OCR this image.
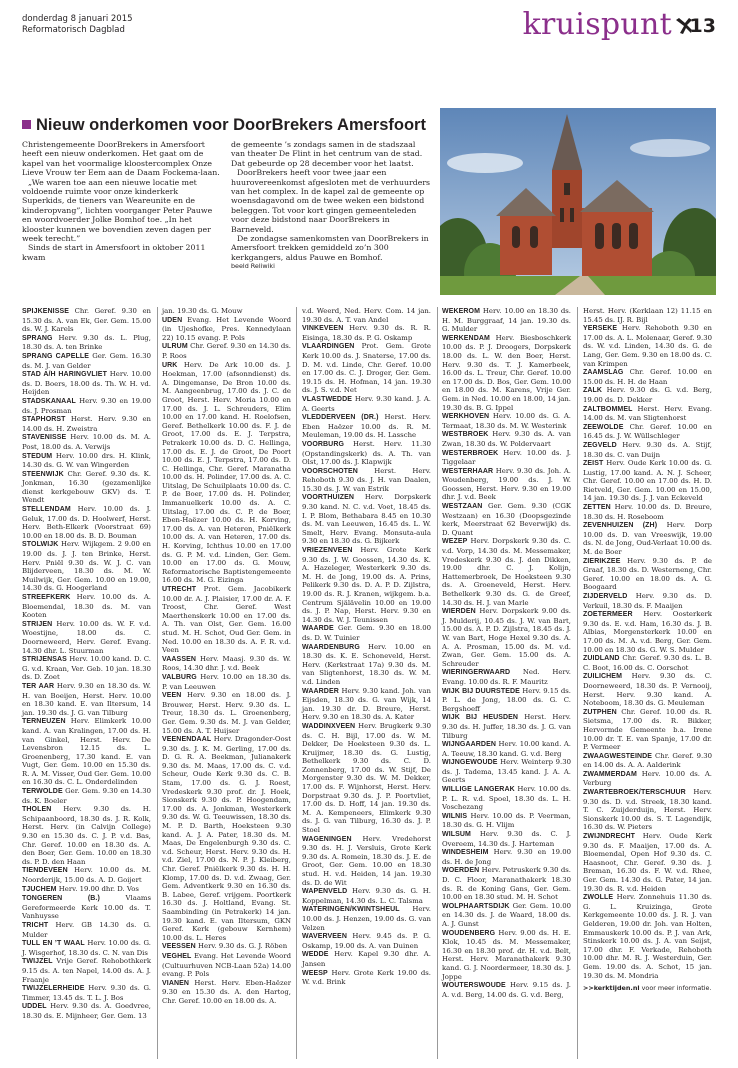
donderdag 8 januari 2015
Reformatorisch Dagblad	kruispunt 13
Nieuw onderkomen voor DoorBrekers Amersfoort

Christengemeente DoorBrekers in Amersfoort heeft een nieuw onderkomen. Het gaat om de kapel van het voormalige kloostercomplex Onze Lieve Vrouw ter Eem aan de Daam Fockema-laan.

„We waren toe aan een nieuwe locatie met voldoende ruimte voor onze kinderkerk Superkids, de tieners van Weareunite en de kinderopvang”, lichten voorganger Peter Pauwe en woordvoerder Jolke Bomhof toe. „In het klooster kunnen we bovendien zeven dagen per week terecht.”

Sinds de start in Amersfoort in oktober 2011 kwam

de gemeente ’s zondags samen in de stadszaal van theater De Flint in het centrum van de stad. Dat gebeurde op 28 december voor het laatst.

DoorBrekers heeft voor twee jaar een huurovereenkomst afgesloten met de verhuurders van het complex. In de kapel zal de gemeente op woensdagavond om de twee weken een bidstond beleggen. Tot voor kort gingen gemeenteleden voor deze bidstond naar DoorBrekers in Barneveld.

De zondagse samenkomsten van DoorBrekers in Amersfoort trekken gemiddeld zo’n 300 kerkgangers, aldus Pauwe en Bomhof.

beeld Reliwiki
SPIJKENISSE Chr. Geref. 9.30 en 15.30 ds. A. van Ek, Ger. Gem. 15.00 ds. W. J. Karels
SPRANG Herv. 9.30 ds. L. Plug, 18.30 ds. A. ten Brinke
SPRANG CAPELLE Ger. Gem. 16.30 ds. M. J. van Gelder
STAD A/H HARINGVLIET Herv. 10.00 ds. D. Boers, 18.00 ds. Th. W. H. vd. Heijden
STADSKANAAL Herv. 9.30 en 19.00 ds. J. Prosman
STAPHORST Herst. Herv. 9.30 en 14.00 ds. H. Zweistra
STAVENISSE Herv. 10.00 ds. M. A. Post, 18.00 ds. A. Verwijs
STEDUM Herv. 10.00 drs. H. Klink, 14.30 ds. G. W. van Wingerden
STEENWIJK Chr. Geref. 9.30 ds. K. Jonkman, 16.30 (gezamenlijke dienst kerkgebouw GKV) ds. T. Wendt
STELLENDAM Herv. 10.00 ds. J. Geluk, 17.00 ds. D. Hoolwerf, Herst. Herv. Beth-Elkerk (Voorstraat 69) 10.00 en 18.00 ds. B. D. Bouman
STOLWIJK Herv. Wijkgem. 2 9.00 en 19.00 ds. J. J. ten Brinke, Herst. Herv. Pniël 9.30 ds. W. J. C. van Blijderveen, 18.30 ds. M. W. Muilwijk, Ger. Gem. 10.00 en 19.00, 14.30 ds. G. Hoogerland
STREEFKERK Herv. 10.00 ds. A. Bloemendal, 18.30 ds. M. van Kooten
STRIJEN Herv. 10.00 ds. W. F. v.d. Woestijne, 18.00 ds. C. Doorneweerd, Herv. Geref. Evang. 14.30 dhr. L. Stuurman
STRIJENSAS Herv. 10.00 kand. D. C. G. v.d. Kraan, Ver. Geb. 10 jan. 18.30 ds. D. Zoet
TER AAR Herv. 9.30 en 18.30 ds. W. H. van Boeijen, Herst. Herv. 10.00 en 18.30 kand. E. van Iltersum, 14 jan. 19.30 ds. J. G. van Tilburg
TERNEUZEN Herv. Elimkerk 10.00 kand. A. van Kralingen, 17.00 ds. H. van Ginkel, Herst. Herv. De Levensbron 12.15 ds. L. Groenenberg, 17.30 kand. E. van Vugt, Ger. Gem. 10.00 en 15.30 ds. R. A. M. Visser, Oud Ger. Gem. 10.00 en 16.30 ds. C. L. Onderdelinden
TERWOLDE Ger. Gem. 9.30 en 14.30 ds. K. Boeler
THOLEN Herv. 9.30 ds. H. Schipaanboord, 18.30 ds. J. R. Kolk, Herst. Herv. (in Calvijn College) 9.30 en 15.30 ds. C. J. P. v.d. Bas, Chr. Geref. 10.00 en 18.30 ds. A. den Boer, Ger. Gem. 10.00 en 18.30 ds. P. D. den Haan
TIENDEVEEN Herv. 10.00 ds. M. Noorderijk, 15.00 ds. A. D. Goijert
TJUCHEM Herv. 19.00 dhr. D. Vos
TONGEREN (B.)	Vlaams Gereformeerde Kerk 10.00 ds. T. Vanhuysse
TRICHT Herv. GB 14.30 ds. G. Mulder
TULL EN ’T WAAL Herv. 10.00 ds. G. J. Wisgerhof, 18.30 ds. C. N. van Dis
TWIJZEL Vrije Geref. Rehobothkerk 9.15 ds. A. ten Napel, 14.00 ds. A. J. Fraanje
TWIJZELERHEIDE Herv. 9.30 ds. G. Timmer, 13.45 ds. T. L. J. Bos
UDDEL Herv. 9.30 ds. A. Goedvree, 18.30 ds. E. Mijnheer, Ger. Gem. 13
jan. 19.30 ds. G. Mouw
UDEN Evang. Het Levende Woord (in Ujeshofke, Pres. Kennedylaan 22) 10.15 evang. P. Pols
ULRUM Chr. Geref. 9.30 en 14.30 ds. P. Roos
URK Herv. De Ark 10.00 ds. J. Hoekman, 17.00 (afsonndienst) ds. A. Dingemanse, De Bron 10.00 ds. M. Aangeenbrug, 17.00 ds. J. C. de Groot, Herst. Herv. Moria 10.00 en 17.00 ds. J. L. Schreuders, Elim 10.00 en 17.00 kand. H. Roelofsen, Geref. Bethelkerk 10.00 ds. F. J. de Groot, 17.00 ds. E. J. Terpstra, Petrakerk 10.00 ds. D. C. Hellinga, 17.00 ds. E. J. de Groot, De Poort 10.00 ds. E. J. Terpstra, 17.00 ds. D. C. Hellinga, Chr. Geref. Maranatha 10.00 ds. H. Polinder, 17.00 ds. A. C. Uitslag, De Schuilplaats 10.00 ds. C. P. de Boer, 17.00 ds. H. Polinder, Immanuelkerk 10.00 ds. A. C. Uitslag, 17.00 ds. C. P. de Boer, Eben-Haëzer 10.00 ds. H. Korving, 17.00 ds. A. van Heteren, Pniëlkerk 10.00 ds. A. van Heteren, 17.00 ds. H. Korving, Ichthus 10.00 en 17.00 ds. G. P. M. v.d. Linden, Ger. Gem. 10.00 en 17.00 ds. G. Mouw, Reformatorische Baptistengemeente 16.00 ds. M. G. Eizinga
UTRECHT Prot. Gem. Jacobikerk 10.00 dr. A. J. Plaisier, 17.00 dr. A. F. Troost, Chr. Geref. West Maerthenskerk 10.00 en 17.00 ds. A. Th. van Olst, Ger. Gem. 16.00 stud. M. H. Schot, Oud Ger. Gem. in Ned. 10.00 en 18.30 ds. A. F. R. v.d. Veen
VAASSEN Herv. Maasj. 9.30 ds. W. Roos, 14.30 dhr. J. v.d. Beek
VALBURG Herv. 10.00 en 18.30 ds. P. van Leeuwen
VEEN Herv. 9.30 en 18.00 ds. J. Brouwer, Herst. Herv. 9.30 ds. L. Treur, 18.30 ds. L. Groenenberg, Ger. Gem. 9.30 ds. M. J. van Gelder, 15.00 ds. A. T. Huijser
VEENENDAAL Herv. Dragonder-Oost 9.30 ds. J. K. M. Gerling, 17.00 ds. D. G. R. A. Beekman, Julianakerk 9.30 ds. M. Maas, 17.00 ds. C. v.d. Scheur, Oude Kerk 9.30 ds. C. B. Stam, 17.00 ds. G. J. Roest, Vredeskerk 9.30 prof. dr. J. Hoek, Sionskerk 9.30 ds. P. Hoogendam, 17.00 ds. A. Jonkman, Westerkerk 9.30 ds. W. G. Teeuwissen, 18.30 ds. M. P. D. Barth, Hoeksteen 9.30 kand. A. J. A. Pater, 18.30 ds. M. Maas, De Engelenburgh 9.30 ds. C. v.d. Scheur, Herst. Herv. 9.30 ds. H. v.d. Ziel, 17.00 ds. N. P. J. Kleiberg, Chr. Geref. Pniëlkerk 9.30 ds. H. H. Klomp, 17.00 ds. D. v.d. Zwaag, Ger. Gem. Adventkerk 9.30 en 16.30 ds. B. Labee, Geref. vrijgem. Poortkerk 16.30 ds. J. Holtland, Evang. St. Saambinding (in Petrakerk) 14 jan. 19.30 kand. E. van Iltersum, GKN Geref. Kerk (gebouw Kernhem) 10.00 ds. L. Heres
VEESSEN Herv. 9.30 ds. G. J. Röben
VEGHEL Evang. Het Levende Woord (Cultuurhuven NCB-Laan 52a) 14.00 evang. P. Pols
VIANEN Herst. Herv. Eben-Haëzer 9.30 en 15.30 ds. A. den Hartog, Chr. Geref. 10.00 en 18.00 ds. A.
v.d. Weerd, Ned. Herv. Com. 14 jan. 19.30 ds. A. T. van Andel
VINKEVEEN Herv. 9.30 ds. R. R. Eisinga, 18.30 ds. P. G. Oskamp
VLAARDINGEN Prot. Gem. Grote Kerk 10.00 ds. J. Snaterse, 17.00 ds. D. M. v.d. Linde, Chr. Geref. 10.00 en 17.00 ds. C. J. Droger, Ger. Gem. 19.15 ds. H. Hofman, 14 jan. 19.30 ds. J. S. v.d. Net
VLASTWEDDE Herv. 9.30 kand. J. A. A. Geerts
VLEDDERVEEN (DR.) Herst. Herv. Eben Haëzer 10.00 ds. R. M. Meuleman, 19.00 ds. H. Lassche
VOORBURG Herst. Herv. 11.30 (Opstandingskerk) ds. A. Th. van Olst, 17.00 ds. J. Klapwijk
VOORSCHOTEN Herst. Herv. Rehoboth 9.30 ds. J. H. van Daalen, 15.30 ds. J. W. van Estrik
VOORTHUIZEN Herv. Dorpskerk 9.30 kand. N. C. v.d. Voet, 18.45 ds. I. P. Blom, Bethabara 8.45 en 10.30 ds. M. van Leeuwen, 16.45 ds. L. W. Smelt, Herv. Evang. Monsuta-aula 9.30 en 18.30 ds. G. Bijkerk
VRIEZENVEEN Herv. Grote Kerk 9.30 ds. J. W. Goossen, 14.30 ds. K. A. Hazeleger, Westerkerk 9.30 ds. M. H. de Jong, 19.00 ds. A. Prins, Pelikerk 9.30 ds. D. A. P. D. Zijlstra, 19.00 ds. R. J. Kranen, wijkgem. b.a. Centrum Själävelin 10.00 en 19.00 ds. J. P. Nap, Herst. Herv. 9.30 en 14.30 ds. W. J. Teunissen
WAARDE Ger. Gem. 9.30 en 18.00 ds. D. W. Tuinier
WAARDENBURG Herv. 10.00 en 18.30 ds. K. E. Schoneveld, Herst. Herv. (Kerkstraat 17a) 9.30 ds. M. van Sligtenhorst, 18.30 ds. W. M. v.d. Linden
WAARDER Herv. 9.30 kand. Joh. van Eijsden, 18.30 ds. G. van Wijk, 14 jan. 19.30 dr. D. Breure, Herst. Herv. 9.30 en 18.30 ds. A. Kater
WADDINXVEEN Herv. Brugkerk 9.30 ds. C. H. Bijl, 17.00 ds. W. M. Dekker, De Hoeksteen 9.30 ds. L. Kruijmer, 18.30 ds. G. Lustig, Bethelkerk 9.30 ds. C. D. Zonnenberg, 17.00 ds. W. Stijf, De Morgenster 9.30 ds. W. M. Dekker, 17.00 ds. F. Wijnhorst, Herst. Herv. Dorpstraat 9.30 ds. J. P. Poortvliet, 17.00 ds. D. Hoff, 14 jan. 19.30 ds. M. A. Kempeneers, Elimkerk 9.30 ds. J. G. van Tilburg, 16.30 ds. J. P. Stoel
WAGENINGEN Herv. Vredehorst 9.30 ds. H. J. Versluis, Grote Kerk 9.30 ds. A. Romein, 18.30 ds. J. E. de Groot, Ger. Gem. 10.00 en 18.30 stud. H. v.d. Heiden, 14 jan. 19.30 ds. D. de Wit
WAPENVELD Herv. 9.30 ds. G. H. Koppelman, 14.30 ds. L. C. Talsma
WATERINGEN/KWINTSHEUL Herv. 10.00 ds. J. Henzen, 19.00 ds. G. van Velzen
WAVERVEEN Herv. 9.45 ds. P. G. Oskamp, 19.00 ds. A. van Duinen
WEDDE Herv. Kapel 9.30 dhr. A. Jansen
WEESP Herv. Grote Kerk 19.00 ds. W. v.d. Brink
WEKEROM Herv. 10.00 en 18.30 ds. H. M. Burggraaf, 14 jan. 19.30 ds. G. Mulder
WERKENDAM Herv. Biesboschkerk 10.00 ds. P. J. Droogers, Dorpskerk 18.00 ds. L. W. den Boer, Herst. Herv. 9.30 ds. T. J. Kamerbeek, 16.00 ds. L. Treur, Chr. Geref. 10.00 en 17.00 ds. D. Bos, Ger. Gem. 10.00 en 18.00 ds. M. Karens, Vrije Ger. Gem. in Ned. 10.00 en 18.00, 14 jan. 19.30 ds. B. G. Ippel
WERKHOVEN Herv. 10.00 ds. G. A. Termaat, 18.30 ds. M. W. Westerink
WESTBROEK Herv. 9.30 ds. A. van Zwan, 18.30 ds. W. Poldervaart
WESTERBROEK Herv. 10.00 ds. J. Tiggelaar
WESTERHAAR Herv. 9.30 ds. Joh. A. Woudenberg, 19.00 ds. J. W. Goossen, Herst. Herv. 9.30 en 19.00 dhr. J. v.d. Beek
WESTZAAN Ger. Gem. 9.30 (CGK Westzaan) en 16.30 (Doopsgezinde kerk, Meerstraat 62 Beverwijk) ds. D. Quant
WEZEP Herv. Dorpskerk 9.30 ds. C. v.d. Vorp, 14.30 ds. M. Messemaker, Vredeskerk 9.30 ds. J. den Dikken, 19.00 dhr. C. J. Kolijn, Hattemerbroek, De Hoeksteen 9.30 ds. A. Groeneveld, Herst. Herv. Bethelkerk 9.30 ds. G. de Greef, 14.30 ds. H. J. van Marle
WIERDEN Herv. Dorpskerk 9.00 ds. J. Mulderij, 10.45 ds. J. W. van Bart, 15.00 ds. A. P. D. Zijlstra, 18.45 ds. J. W. van Bart, Hoge Hexel 9.30 ds. A. A. A. Prosman, 15.00 ds. M. v.d. Zwan, Ger. Gem. 15.00 ds. A. Schreuder
WIERINGERWAARD Ned. Herv. Evang. 10.00 ds. R. F. Mauritz
WIJK BIJ DUURSTEDE Herv. 9.15 ds. P. L. de Jong, 18.00 ds. G. C. Bergshoeff
WIJK BIJ HEUSDEN Herst. Herv. 9.30 ds. H. Juffer, 18.30 ds. J. G. van Tilburg
WIJNGAARDEN Herv. 10.00 kand. A. A. Teeuw, 18.30 kand. G. v.d. Berg
WIJNGEWOUDE Herv. Weinterp 9.30 ds. J. Tadema, 13.45 kand. J. A. A. Geerts
WILLIGE LANGERAK Herv. 10.00 ds. P. L. R. v.d. Spoel, 18.30 ds. L. H. Voschezang
WILNIS Herv. 10.00 ds. P. Veerman, 18.30 ds. G. H. Vlijm
WILSUM Herv. 9.30 ds. C. J. Overeem, 14.30 ds. J. Harteman
WINDESHEIM Herv. 9.30 en 19.00 ds. H. de Jong
WOERDEN Herv. Petruskerk 9.30 ds. D. C. Floor, Maranathakerk 18.30 ds. R. de Koning Gans, Ger. Gem. 10.00 en 18.30 stud. M. H. Schot
WOLPHAARTSDIJK Ger. Gem. 10.00 en 14.30 ds. J. de Waard, 18.00 ds. A. J. Gunst
WOUDENBERG Herv. 9.00 ds. H. E. Klok, 10.45 ds. M. Messemaker, 16.30 en 18.30 prof. dr. H. v.d. Belt, Herst. Herv. Maranathakerk 9.30 kand. G. J. Noordermeer, 18.30 ds. J. Joppe
WOUTERSWOUDE Herv. 9.15 ds. J. A. v.d. Berg, 14.00 ds. G. v.d. Berg,
Herst. Herv. (Kerklaan 12) 11.15 en 15.45 ds. IJ. R. Bijl
YERSEKE Herv. Rehoboth 9.30 en 17.00 ds. A. L. Molenaar, Geref. 9.30 ds. W. v.d. Linden, 14.30 ds. G. de Lang, Ger. Gem. 9.30 en 18.00 ds. C. van Krimpen
ZAAMSLAG Chr. Geref. 10.00 en 15.00 ds. H. H. de Haan
ZALK Herv. 9.30 ds. G. v.d. Berg, 19.00 ds. D. Dekker
ZALTBOMMEL Herst. Herv. Evang. 14.00 ds. M. van Sligtenhorst
ZEEWOLDE Chr. Geref. 10.00 en 16.45 ds. J. W. Wüllschleger
ZEGVELD Herv. 9.30 ds. A. Stijf, 18.30 ds. C. van Duijn
ZEIST Herv. Oude Kerk 10.00 ds. G. Lustig, 17.00 kand. A. N. J. Scheer, Chr. Geref. 10.00 en 17.00 ds. H. D. Rietveld, Ger. Gem. 10.00 en 15.00, 14 jan. 19.30 ds. J. J. van Eckeveld
ZETTEN Herv. 10.00 ds. D. Breure, 18.30 ds. H. Roseboom
ZEVENHUIZEN (ZH) Herv. Dorp 10.00 ds. D. van Vreeswijk, 19.00 ds. N. de Jong, Oud-Verlaat 10.00 ds. M. de Boer
ZIERIKZEE Herv. 9.30 ds. P. de Graaf, 18.30 ds. D. Westerneng, Chr. Geref. 10.00 en 18.00 ds. A. G. Boogaard
ZIJDERVELD Herv. 9.30 ds. D. Verkuil, 18.30 ds. F. Maaijen
ZOETERMEER Herv. Oosterkerk 9.30 ds. E. v.d. Ham, 16.30 ds. J. B. Albias, Morgensterkerk 10.00 en 17.00 ds. M. A. v.d. Berg, Ger. Gem. 10.00 en 18.30 ds. G. W. S. Mulder
ZUIDLAND Chr. Geref. 9.30 ds. L. B. C. Boot, 16.00 ds. C. Oorschot
ZUILICHEM Herv. 9.30 ds. C. Doorneweerd, 18.30 ds. P. Vernooij, Herst. Herv. 9.30 kand. A. Noteboom, 18.30 ds. G. Meuleman
ZUTPHEN Chr. Geref. 10.00 ds. R. Sietsma, 17.00 ds. R. Bikker, Hervormde Gemeente b.a. Irene 10.00 dr. T. E. van Spanje, 17.00 dr. P. Vermeer
ZWAAGWESTEINDE Chr. Geref. 9.30 en 14.00 ds. A. A. Aalderink
ZWAMMERDAM Herv. 10.00 ds. A. Verburg
ZWARTEBROEK/TERSCHUUR Herv. 9.30 ds. D. v.d. Streek, 18.30 kand. T. C. Zuijderduijn, Herst. Herv. Sionskerk 10.00 ds. S. T. Lagendijk, 16.30 ds. W. Pieters
ZWIJNDRECHT Herv. Oude Kerk 9.30 ds. F. Maaijen, 17.00 ds. A. Bloemendal, Open Hof 9.30 ds. C. Haasnoot, Chr. Geref. 9.30 ds. J. Breman, 16.30 ds. F. W. v.d. Rhee, Ger. Gem. 14.30 ds. G. Pater, 14 jan. 19.30 ds. R. v.d. Heiden
ZWOLLE Herv. Zonnehuis 11.30 ds. G. L. Kruizinga, Grote Kerkgemeente 10.00 ds. J. R. J. van Gelderen, 19.00 dr. Joh. van Holten, Emmauskerk 10.00 ds. P. J. van Ark, Stinskerk 10.00 ds. J. A. van Seijst, 17.00 dhr. F. Verkade, Rehoboth 10.00 dhr. M. R. J. Westerduin, Ger. Gem. 19.00 ds. A. Schot, 15 jan. 19.30 ds. M. Mondria
>>kerktijden.nl voor meer informatie.
